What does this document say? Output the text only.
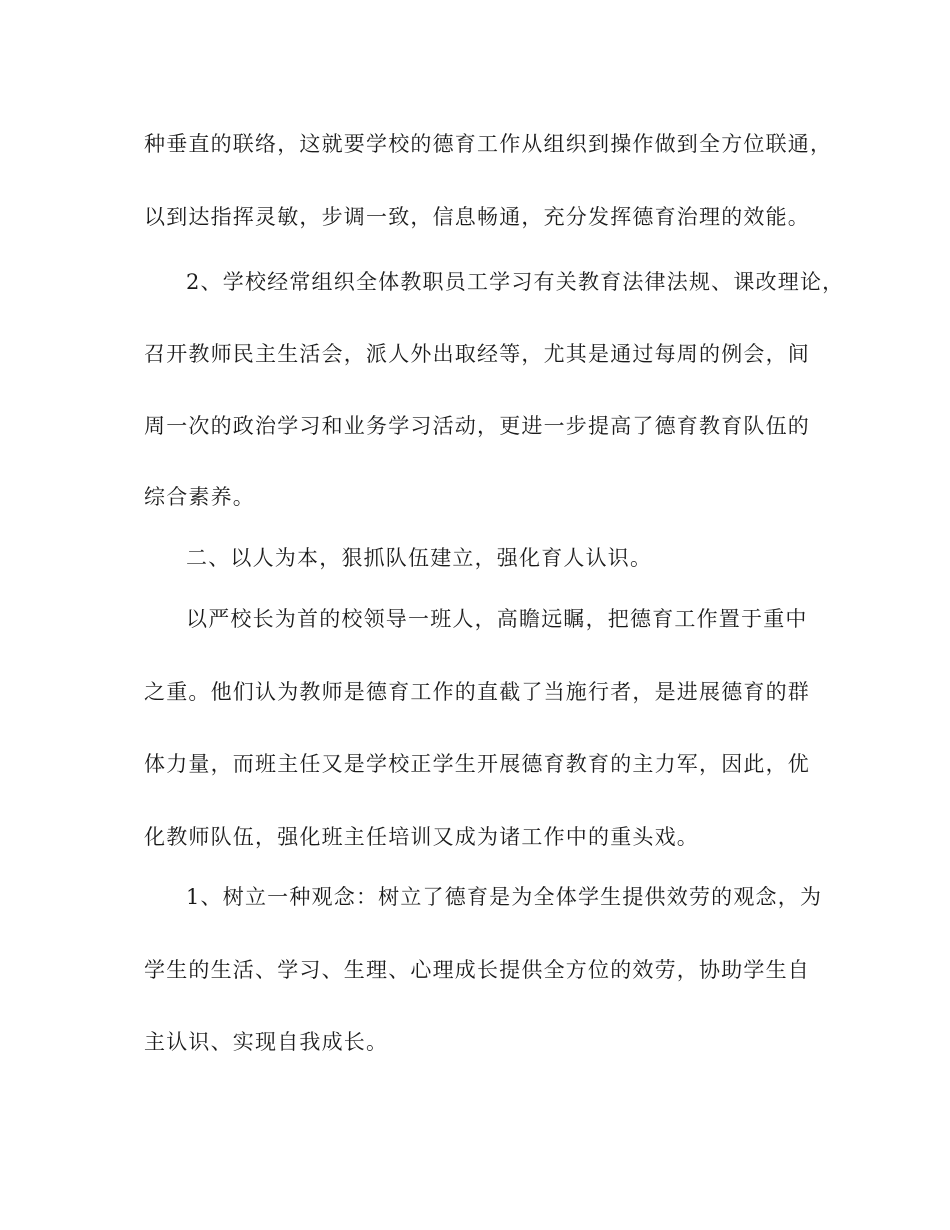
种垂直的联络，这就要学校的德育工作从组织到操作做到全方位联通，
以到达指挥灵敏，步调一致，信息畅通，充分发挥德育治理的效能。
2、学校经常组织全体教职员工学习有关教育法律法规、课改理论，
召开教师民主生活会，派人外出取经等，尤其是通过每周的例会，间
周一次的政治学习和业务学习活动，更进一步提高了德育教育队伍的
综合素养。
二、以人为本，狠抓队伍建立，强化育人认识。
以严校长为首的校领导一班人，高瞻远瞩，把德育工作置于重中
之重。他们认为教师是德育工作的直截了当施行者，是进展德育的群
体力量，而班主任又是学校正学生开展德育教育的主力军，因此，优
化教师队伍，强化班主任培训又成为诸工作中的重头戏。
1、树立一种观念：树立了德育是为全体学生提供效劳的观念，为
学生的生活、学习、生理、心理成长提供全方位的效劳，协助学生自
主认识、实现自我成长。
